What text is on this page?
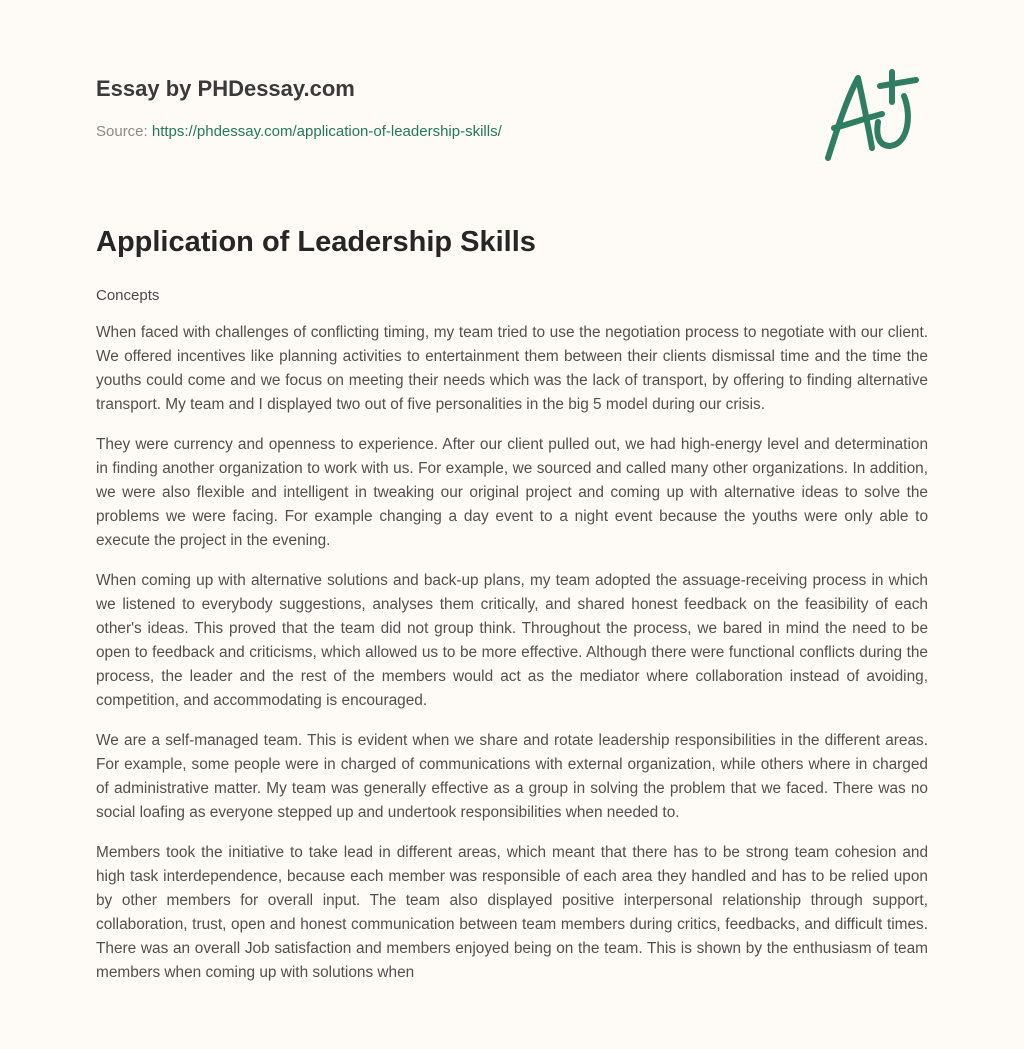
Essay by PHDessay.com
Source: https://phdessay.com/application-of-leadership-skills/
Application of Leadership Skills
Concepts

When faced with challenges of conflicting timing, my team tried to use the negotiation process to negotiate with our client. We offered incentives like planning activities to entertainment them between their clients dismissal time and the time the youths could come and we focus on meeting their needs which was the lack of transport, by offering to finding alternative transport. My team and I displayed two out of five personalities in the big 5 model during our crisis.

They were currency and openness to experience. After our client pulled out, we had high-energy level and determination in finding another organization to work with us. For example, we sourced and called many other organizations. In addition, we were also flexible and intelligent in tweaking our original project and coming up with alternative ideas to solve the problems we were facing. For example changing a day event to a night event because the youths were only able to execute the project in the evening.

When coming up with alternative solutions and back-up plans, my team adopted the assuage-receiving process in which we listened to everybody suggestions, analyses them critically, and shared honest feedback on the feasibility of each other's ideas. This proved that the team did not group think. Throughout the process, we bared in mind the need to be open to feedback and criticisms, which allowed us to be more effective. Although there were functional conflicts during the process, the leader and the rest of the members would act as the mediator where collaboration instead of avoiding, competition, and accommodating is encouraged.

We are a self-managed team. This is evident when we share and rotate leadership responsibilities in the different areas. For example, some people were in charged of communications with external organization, while others where in charged of administrative matter. My team was generally effective as a group in solving the problem that we faced. There was no social loafing as everyone stepped up and undertook responsibilities when needed to.

Members took the initiative to take lead in different areas, which meant that there has to be strong team cohesion and high task interdependence, because each member was responsible of each area they handled and has to be relied upon by other members for overall input. The team also displayed positive interpersonal relationship through support, collaboration, trust, open and honest communication between team members during critics, feedbacks, and difficult times. There was an overall Job satisfaction and members enjoyed being on the team. This is shown by the enthusiasm of team members when coming up with solutions when
